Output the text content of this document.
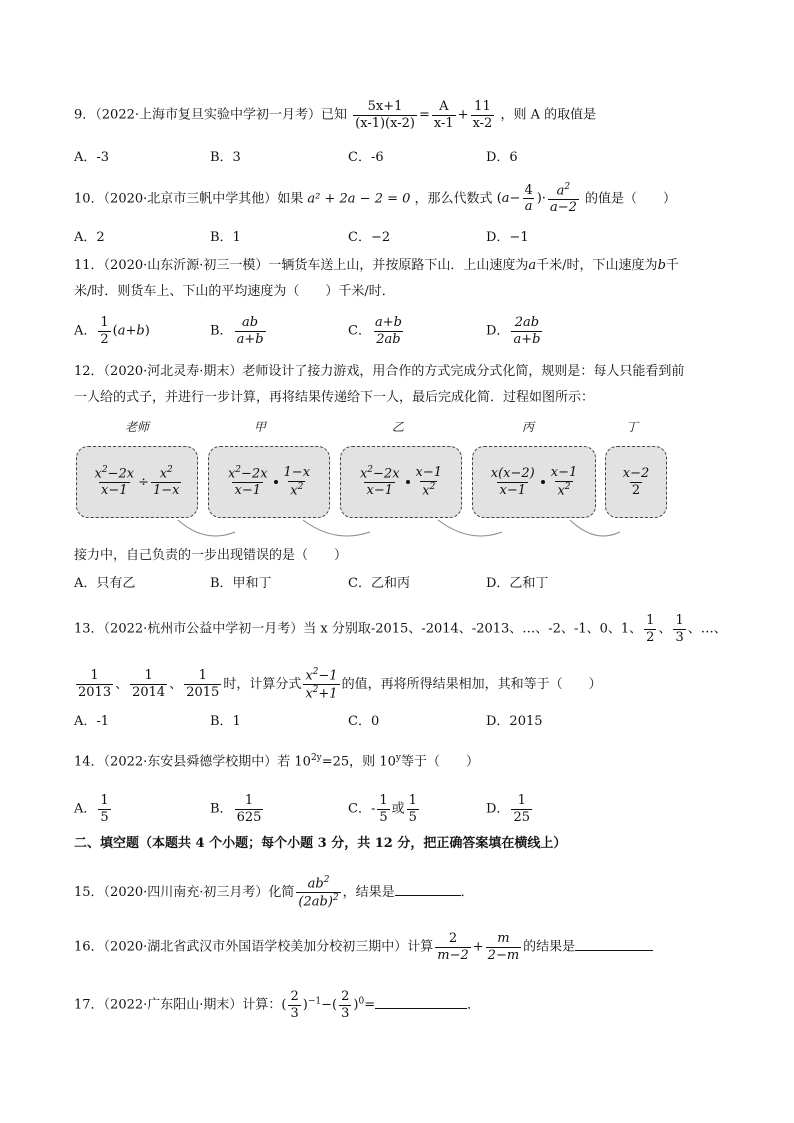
9．（2022·上海市复旦实验中学初一月考）已知 $\frac{5x+1}{(x-1)(x-2)} = \frac{A}{x-1} + \frac{11}{x-2}$ ，则 A 的取值是
A．-3	B．3	C．-6	D．6
10．（2020·北京市三帆中学其他）如果 a² + 2a − 2 = 0 ，那么代数式 ($a- \frac{4}{a}$ )· $\frac{a^2}{a-2}$ 的值是（　　）
A．2	B．1	C．−2	D．−1
11．（2020·山东沂源·初三一模）一辆货车送上山，并按原路下山．上山速度为a千米/时，下山速度为b千
米/时．则货车上、下山的平均速度为（　　）千米/时．
A． $\frac{1}{2} (a+b)$	B． $\frac{ab}{a+b}$	C． $\frac{a+b}{2ab}$	D． $\frac{2ab}{a+b}$
12．（2020·河北灵寿·期末）老师设计了接力游戏，用合作的方式完成分式化简，规则是：每人只能看到前
一人给的式子，并进行一步计算，再将结果传递给下一人，最后完成化简．过程如图所示：
老师	甲	乙	丙	丁
$\frac{x^2-2x}{x-1} \div \frac{x^2}{1-x}$	$\frac{x^2-2x}{x-1} \frac{1-x}{x^2}$	$\frac{x^2-2x}{x-1} \frac{x-1}{x^2}$	$\frac{x(x-2)}{x-1} \frac{x-1}{x^2}$	$\frac{x-2}{2}$
接力中，自己负责的一步出现错误的是（　　）
A．只有乙	B．甲和丁	C．乙和丙	D．乙和丁
13．（2022·杭州市公益中学初一月考）当 x 分别取-2015、-2014、-2013、…、-2、-1、0、1、 $\frac{1}{2}$ 、 $\frac{1}{3}$ 、…、
$\frac{1}{2013}$ 、 $\frac{1}{2014}$ 、 $\frac{1}{2015}$ 时，计算分式 $\frac{x^2-1}{x^2+1}$ 的值，再将所得结果相加，其和等于（　　）
A．-1	B．1	C．0	D．2015
14．（2022·东安县舜德学校期中）若 $10^{2y}=25$，则 10$^y$等于（　　）
A． $\frac{1}{5}$	B． $\frac{1}{625}$	C．- $\frac{1}{5}$ 或 $\frac{1}{5}$	D． $\frac{1}{25}$
二、填空题（本题共 4 个小题；每个小题 3 分，共 12 分，把正确答案填在横线上）
15．（2020·四川南充·初三月考）化简 $\frac{ab^2}{(2ab)^2}$ ，结果是	．
16．（2020·湖北省武汉市外国语学校美加分校初三期中）计算 $\frac{2}{m-2} + \frac{m}{2-m}$ 的结果是
17．（2022·广东阳山·期末）计算：( $\frac{2}{3} )^{-1}-( \frac{2}{3} )^0=$	．
